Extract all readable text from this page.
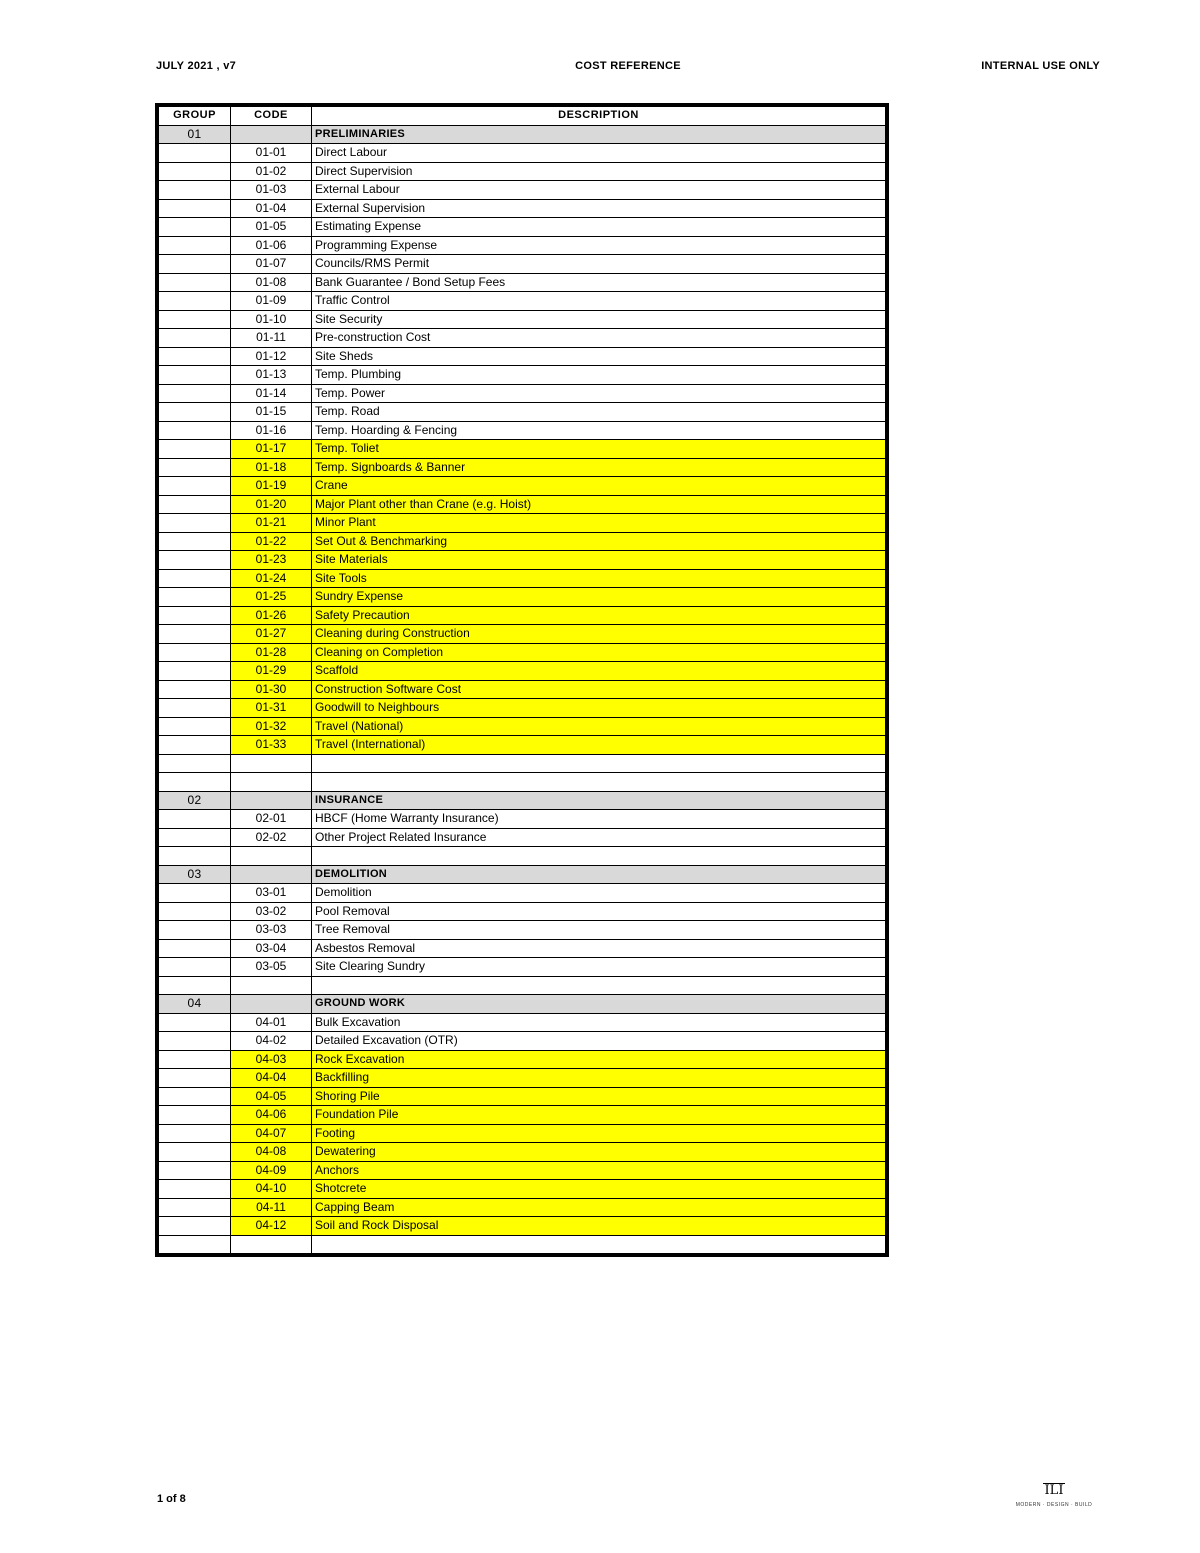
JULY 2021 , v7	COST REFERENCE	INTERNAL USE ONLY
GROUP	CODE	DESCRIPTION
01		PRELIMINARIES
	01-01	Direct Labour
	01-02	Direct Supervision
	01-03	External Labour
	01-04	External Supervision
	01-05	Estimating Expense
	01-06	Programming Expense
	01-07	Councils/RMS Permit
	01-08	Bank Guarantee / Bond Setup Fees
	01-09	Traffic Control
	01-10	Site Security
	01-11	Pre-construction Cost
	01-12	Site Sheds
	01-13	Temp. Plumbing
	01-14	Temp. Power
	01-15	Temp. Road
	01-16	Temp. Hoarding & Fencing
	01-17	Temp. Toliet
	01-18	Temp. Signboards & Banner
	01-19	Crane
	01-20	Major Plant other than Crane (e.g. Hoist)
	01-21	Minor Plant
	01-22	Set Out & Benchmarking
	01-23	Site Materials
	01-24	Site Tools
	01-25	Sundry Expense
	01-26	Safety Precaution
	01-27	Cleaning during Construction
	01-28	Cleaning on Completion
	01-29	Scaffold
	01-30	Construction Software Cost
	01-31	Goodwill to Neighbours
	01-32	Travel (National)
	01-33	Travel (International)

02		INSURANCE
	02-01	HBCF (Home Warranty Insurance)
	02-02	Other Project Related Insurance

03		DEMOLITION
	03-01	Demolition
	03-02	Pool Removal
	03-03	Tree Removal
	03-04	Asbestos Removal
	03-05	Site Clearing Sundry

04		GROUND WORK
	04-01	Bulk Excavation
	04-02	Detailed Excavation (OTR)
	04-03	Rock Excavation
	04-04	Backfilling
	04-05	Shoring Pile
	04-06	Foundation Pile
	04-07	Footing
	04-08	Dewatering
	04-09	Anchors
	04-10	Shotcrete
	04-11	Capping Beam
	04-12	Soil and Rock Disposal

1 of 8
ILI
MODERN · DESIGN · BUILD
